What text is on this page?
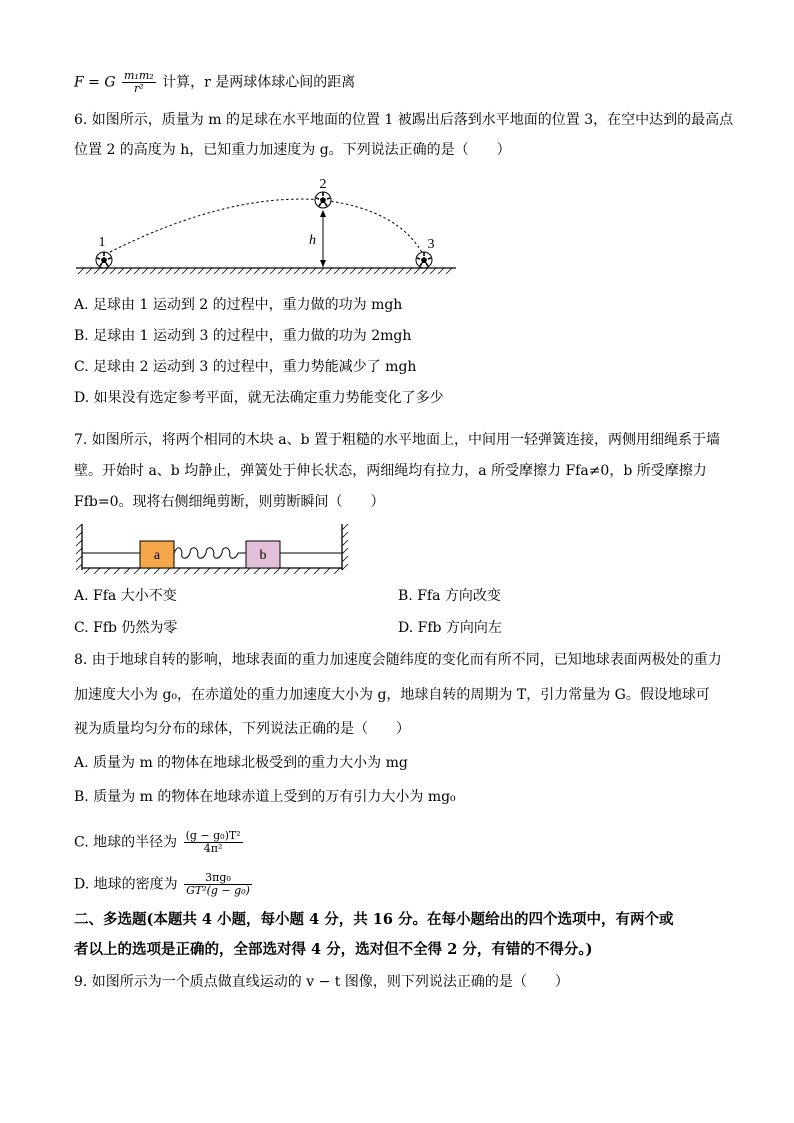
F = G $\frac{\text{m₁m₂}}{\text{r²}}$ 计算，r 是两球体球心间的距离
6. 如图所示，质量为 m 的足球在水平地面的位置 1 被踢出后落到水平地面的位置 3，在空中达到的最高点
位置 2 的高度为 h，已知重力加速度为 g。下列说法正确的是（　　）
h
1
2
3
A. 足球由 1 运动到 2 的过程中，重力做的功为 mgh
B. 足球由 1 运动到 3 的过程中，重力做的功为 2mgh
C. 足球由 2 运动到 3 的过程中，重力势能减少了 mgh
D. 如果没有选定参考平面，就无法确定重力势能变化了多少
7. 如图所示，将两个相同的木块 a、b 置于粗糙的水平地面上，中间用一轻弹簧连接，两侧用细绳系于墙
壁。开始时 a、b 均静止，弹簧处于伸长状态，两细绳均有拉力，a 所受摩擦力 Ffa≠0，b 所受摩擦力
Ffb=0。现将右侧细绳剪断，则剪断瞬间（　　）
a	b
A. Ffa 大小不变	B. Ffa 方向改变
C. Ffb 仍然为零	D. Ffb 方向向左
8. 由于地球自转的影响，地球表面的重力加速度会随纬度的变化而有所不同，已知地球表面两极处的重力
加速度大小为 g₀，在赤道处的重力加速度大小为 g，地球自转的周期为 T，引力常量为 G。假设地球可
视为质量均匀分布的球体，下列说法正确的是（　　）
A. 质量为 m 的物体在地球北极受到的重力大小为 mg
B. 质量为 m 的物体在地球赤道上受到的万有引力大小为 mg₀
C. 地球的半径为 $\frac{\text{(g − g₀)T²}}{\text{4π²}}$
D. 地球的密度为 $\frac{\text{3πg₀}}{\text{GT²(g − g₀)}}$
二、多选题(本题共 4 小题，每小题 4 分，共 16 分。在每小题给出的四个选项中，有两个或
者以上的选项是正确的，全部选对得 4 分，选对但不全得 2 分，有错的不得分。)
9. 如图所示为一个质点做直线运动的 v − t 图像，则下列说法正确的是（　　）
